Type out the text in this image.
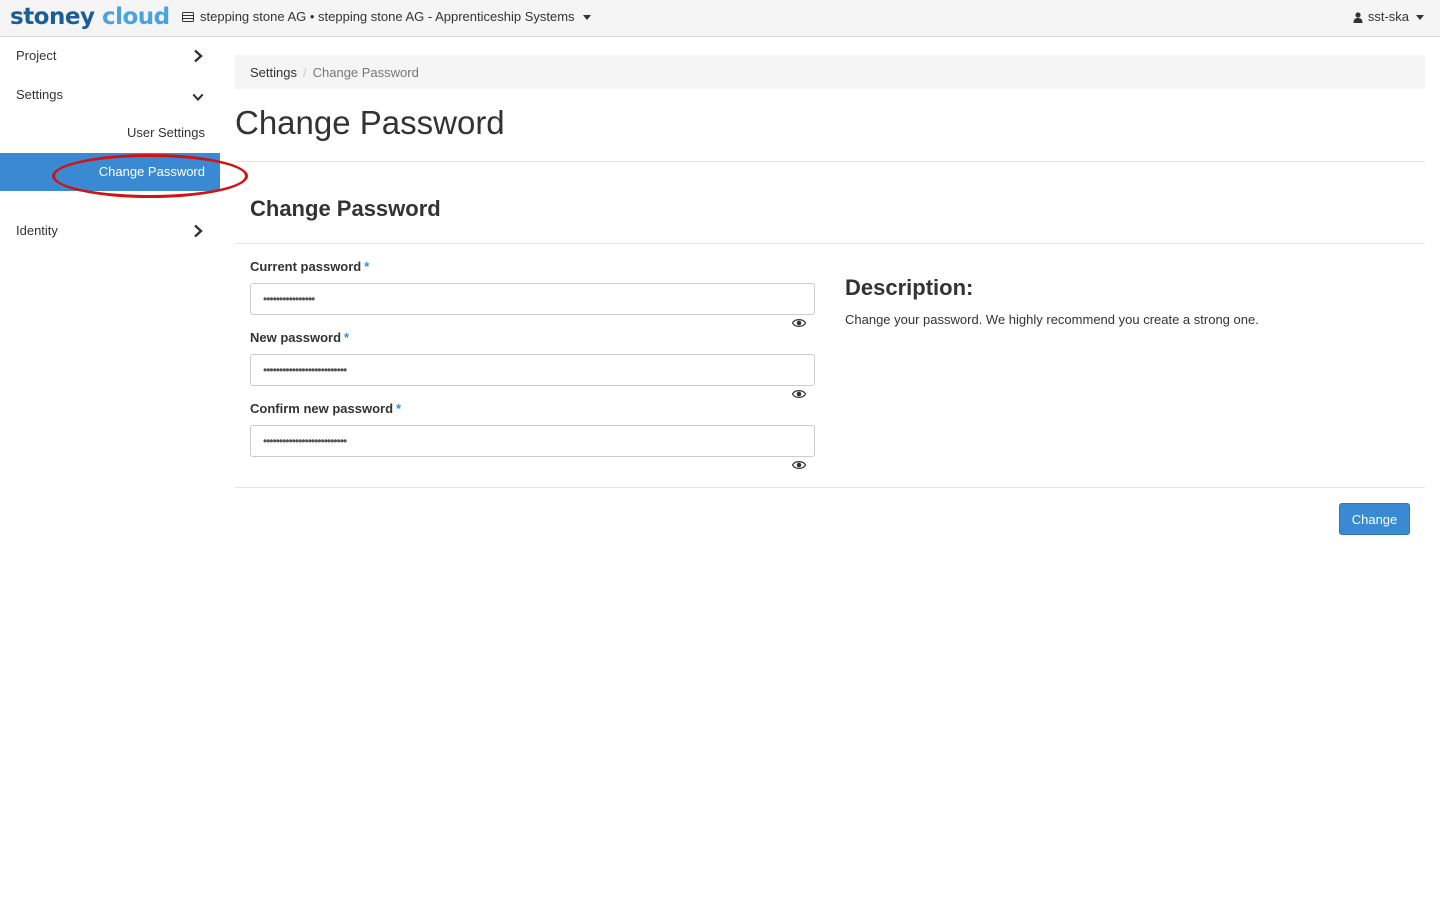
stoney cloud stepping stone AG • stepping stone AG - Apprenticeship Systems	sst-ska
Project
Settings
User Settings
Change Password
Identity
Settings / Change Password
Change Password
Change Password
Current password *
••••••••••••••••
New password *
••••••••••••••••••••••••••
Confirm new password *
••••••••••••••••••••••••••
Description:

Change your password. We highly recommend you create a strong one.

Change
